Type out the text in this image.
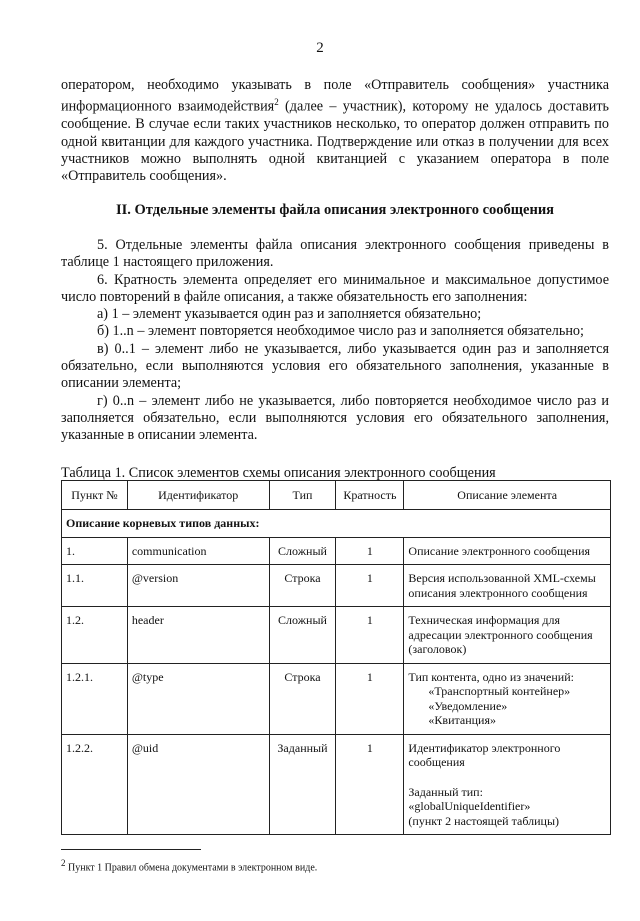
2

оператором, необходимо указывать в поле «Отправитель сообщения» участника информационного взаимодействия$^2$ (далее – участник), которому не удалось доставить сообщение. В случае если таких участников несколько, то оператор должен отправить по одной квитанции для каждого участника. Подтверждение или отказ в получении для всех участников можно выполнять одной квитанцией с указанием оператора в поле «Отправитель сообщения».

II. Отдельные элементы файла описания электронного сообщения

5. Отдельные элементы файла описания электронного сообщения приведены в таблице 1 настоящего приложения.

6. Кратность элемента определяет его минимальное и максимальное допустимое число повторений в файле описания, а также обязательность его заполнения:

а) 1 – элемент указывается один раз и заполняется обязательно;

б) 1..n – элемент повторяется необходимое число раз и заполняется обязательно;

в) 0..1 – элемент либо не указывается, либо указывается один раз и заполняется обязательно, если выполняются условия его обязательного заполнения, указанные в описании элемента;

г) 0..n – элемент либо не указывается, либо повторяется необходимое число раз и заполняется обязательно, если выполняются условия его обязательного заполнения, указанные в описании элемента.

Таблица 1. Список элементов схемы описания электронного сообщения
Пункт №	Идентификатор	Тип	Кратность	Описание элемента
Описание корневых типов данных:				
1.	communication	Сложный	1	Описание электронного сообщения
1.1.	@version	Строка	1	Версия использованной XML-схемы описания электронного сообщения
1.2.	header	Сложный	1	Техническая информация для адресации электронного сообщения (заголовок)
1.2.1.	@type	Строка	1	Тип контента, одно из значений:
«Транспортный контейнер»
«Уведомление»
«Квитанция»

1.2.2.	@uid	Заданный	1	Идентификатор электронного сообщения
Заданный тип:
«globalUniqueIdentifier»
(пункт 2 настоящей таблицы)
$^2$ Пункт 1 Правил обмена документами в электронном виде.
